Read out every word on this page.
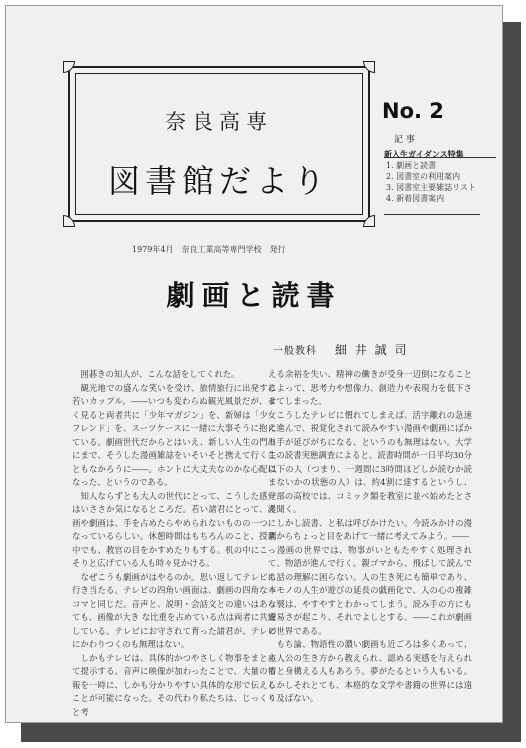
奈良高専
図書館だより
No. 2
記 事
新入生ガイダンス特集
1. 劇画と読書
2. 図書室の利用案内
3. 図書室主要雑誌リスト
4. 新着図書案内
1979年4月　奈良工業高等専門学校　発行
劇画と読書
一般教科 細 井 誠 司

　囲碁きの知人が、こんな話をしてくれた。

　観光地での盛んな笑いを受け、旅情旅行に出発する若いカップル。――いつも変わらぬ観光風景だが、よく見ると両者共に「少年マガジン」を、新婦は「少女フレンド」を、スーツケースに一緒に大事そうに抱えている。劇画世代だからとはいえ、新しい人生の門出にまで、そうした漫画雑誌をいそいそと携えて行くこともなかろうに――。ホントに大丈夫なのかな心配になった、というのである。

　知人ならずとも大人の世代にとって、こうした感覚はいささか気になるところだ。若い諸君にとって、漫画や劇画は、手を占めたらやめられないものの一つになっているらしい。休憩時間はもちろんのこと、授業中でも、教官の目をかすめたりもする。机の中にこっそりと広げている人も時々見かける。

　なぜこうも劇画がはやるのか。思い返してテレビに行き当たる。テレビの四角い画面は、劇画の四角な一コマと同じだ。音声と、説明・会話文との違いはあっても、画像が大き な比重を占めている点は両者に共通している。テレビにお守されて育った諸君が、テレビにかわりつくのも無理はない。

　しかもテレビは、具体的かつやさしく物事をまとめて提示する。音声に映像が加わったことで、大量の情報を一時に、しかも分かりやすい具体的な形で伝えることが可能になった。その代わり私たちは、じっくりと考

える余裕を失い、精神の働きが受身一辺倒になることによって、思考力や想像力、創造力や表現力を低下させてしまった。

　こうしたテレビに慣れてしまえば、活字離れの急速に進んで、視覚化されて読みやすい漫画や劇画にばかり手が延びがちになる、というのも無理はない。大学生の読書実態調査によると、読書時間が一日平均30分以下の人（つまり、一週間に3時間ほどしか読むか読まないかの状態の人）は、約4割に達するというし、一部の高校では、コミック類を教室に並べ始めたとさえ聞く。

　しかし読書、と私は呼びかけたい。今読みかけの漫画からちょっと目をあげて一緒に考えてみよう。――

　漫画の世界では、物事がいともたやすく処理されて、物語が進んで行く。親ゴマから、飛ばして読んでも話の理解に困らない。人の生き死にも簡単であり、本モノの人生が遊びの延長の戯画化で、人の心の複雑な襞は、やすやすとわかってしまう。読み手の方にも安易さが起こり、それでよしとする。――これが劇画の世界である。

　もち論、物語性の濃い劇画も近ごろは多くあって、主人公の生き方から教えられ、認める実感を与えられると身構える人もあろう。夢がたるという人もいる。しかしそれとても、本格的な文学や書籍の世界には遠く及ばない。
